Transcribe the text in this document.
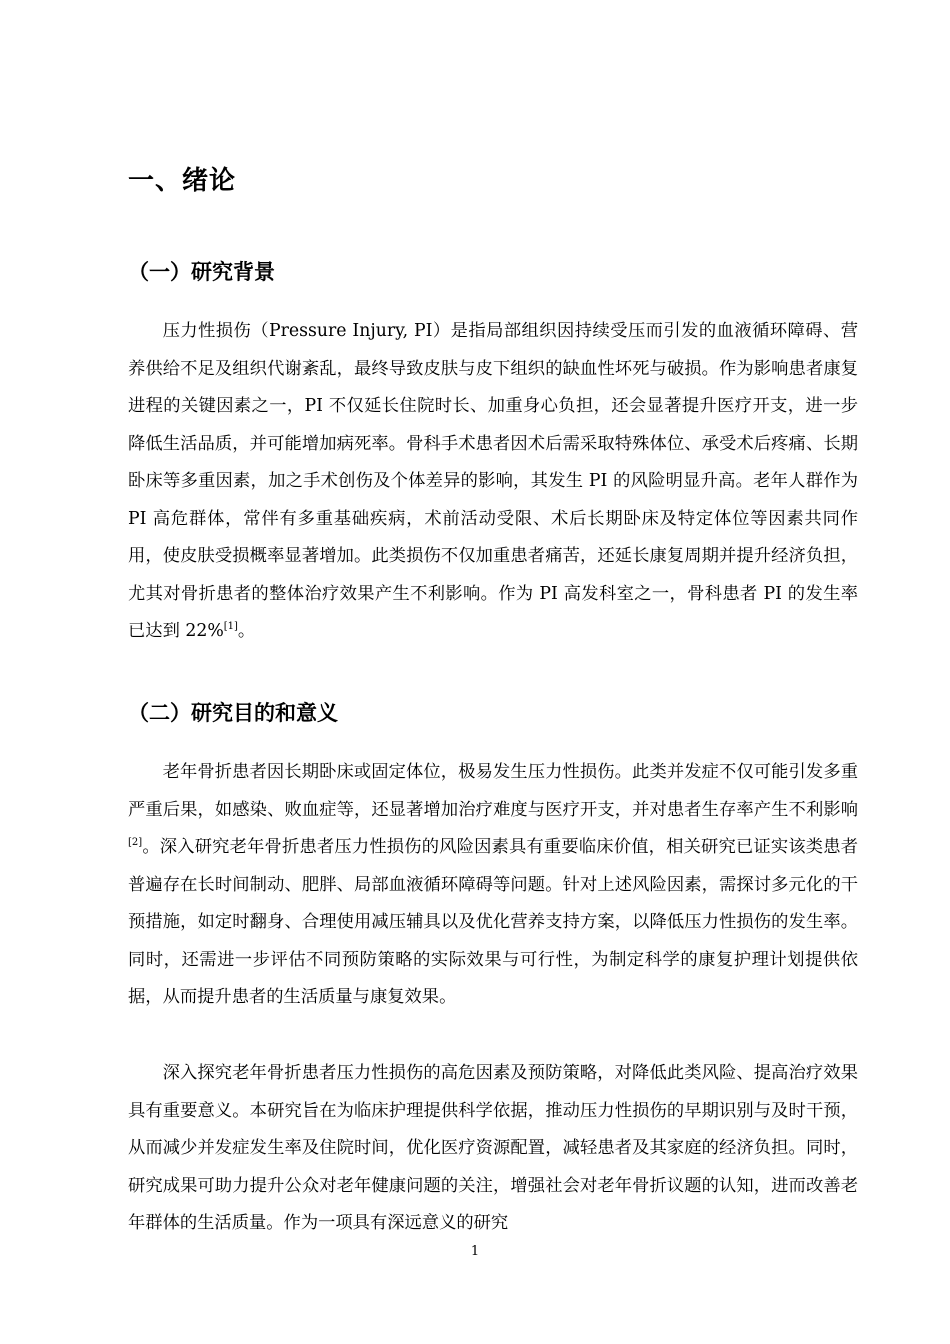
一、绪论
（一）研究背景

压力性损伤（Pressure Injury, PI）是指局部组织因持续受压而引发的血液循环障碍、营养供给不足及组织代谢紊乱，最终导致皮肤与皮下组织的缺血性坏死与破损。作为影响患者康复进程的关键因素之一，PI 不仅延长住院时长、加重身心负担，还会显著提升医疗开支，进一步降低生活品质，并可能增加病死率。骨科手术患者因术后需采取特殊体位、承受术后疼痛、长期卧床等多重因素，加之手术创伤及个体差异的影响，其发生 PI 的风险明显升高。老年人群作为 PI 高危群体，常伴有多重基础疾病，术前活动受限、术后长期卧床及特定体位等因素共同作用，使皮肤受损概率显著增加。此类损伤不仅加重患者痛苦，还延长康复周期并提升经济负担，尤其对骨折患者的整体治疗效果产生不利影响。作为 PI 高发科室之一，骨科患者 PI 的发生率已达到 22%[1]。

（二）研究目的和意义

老年骨折患者因长期卧床或固定体位，极易发生压力性损伤。此类并发症不仅可能引发多重严重后果，如感染、败血症等，还显著增加治疗难度与医疗开支，并对患者生存率产生不利影响[2]。深入研究老年骨折患者压力性损伤的风险因素具有重要临床价值，相关研究已证实该类患者普遍存在长时间制动、肥胖、局部血液循环障碍等问题。针对上述风险因素，需探讨多元化的干预措施，如定时翻身、合理使用减压辅具以及优化营养支持方案，以降低压力性损伤的发生率。同时，还需进一步评估不同预防策略的实际效果与可行性，为制定科学的康复护理计划提供依据，从而提升患者的生活质量与康复效果。

深入探究老年骨折患者压力性损伤的高危因素及预防策略，对降低此类风险、提高治疗效果具有重要意义。本研究旨在为临床护理提供科学依据，推动压力性损伤的早期识别与及时干预，从而减少并发症发生率及住院时间，优化医疗资源配置，减轻患者及其家庭的经济负担。同时，研究成果可助力提升公众对老年健康问题的关注，增强社会对老年骨折议题的认知，进而改善老年群体的生活质量。作为一项具有深远意义的研究

1
